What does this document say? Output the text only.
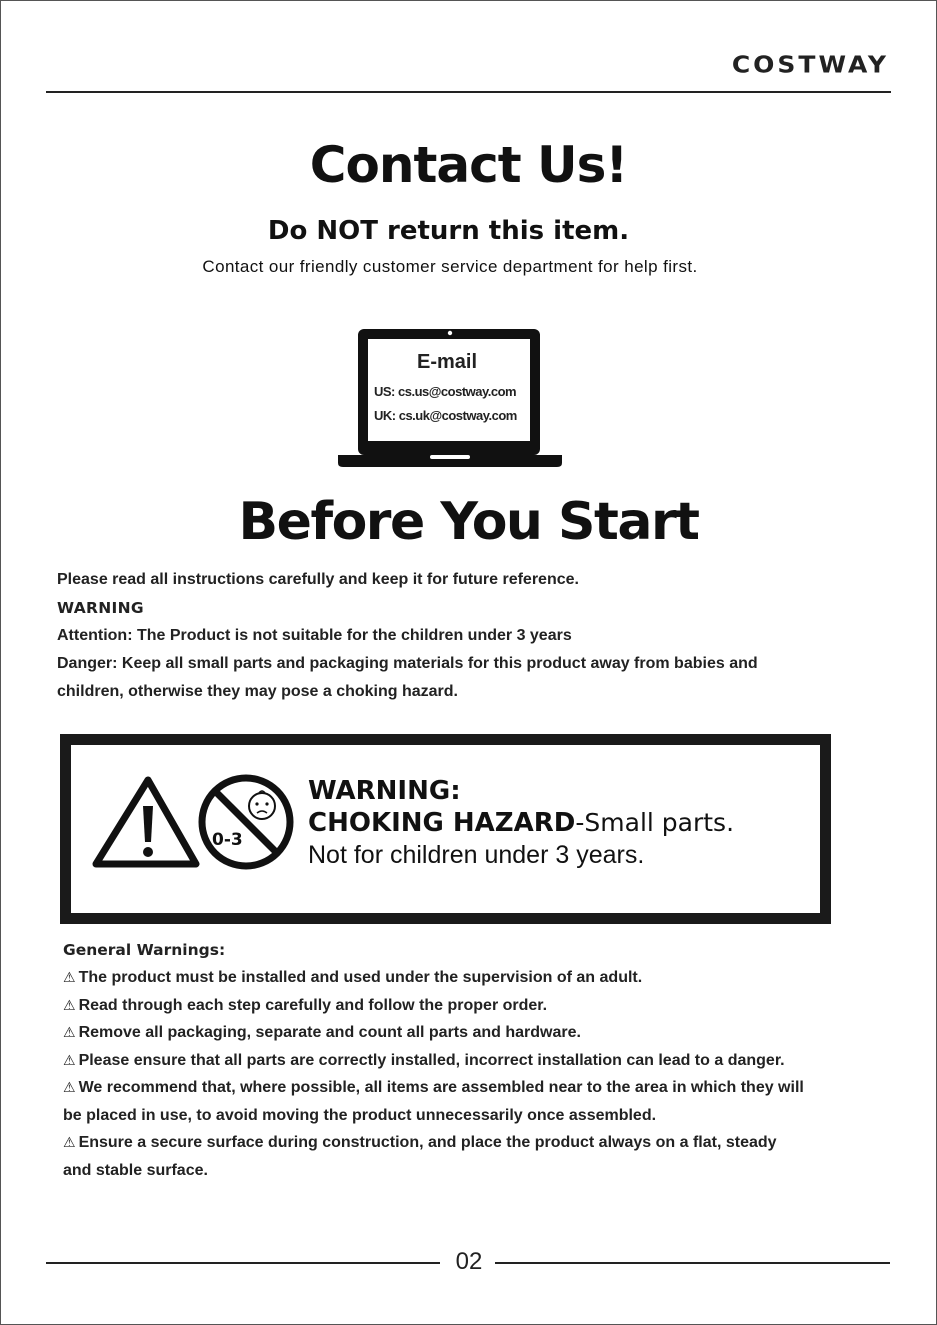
COSTWAY
Contact Us!
Do NOT return this item.
Contact our friendly customer service department for help first.
E-mail
US: cs.us@costway.com
UK: cs.uk@costway.com
Before You Start
Please read all instructions carefully and keep it for future reference.
WARNING
Attention: The Product is not suitable for the children under 3 years
Danger: Keep all small parts and packaging materials for this product away from babies and
children, otherwise they may pose a choking hazard.
0-3
WARNING:
CHOKING HAZARD-Small parts.
Not for children under 3 years.
General Warnings:
⚠ The product must be installed and used under the supervision of an adult.
⚠ Read through each step carefully and follow the proper order.
⚠ Remove all packaging, separate and count all parts and hardware.
⚠ Please ensure that all parts are correctly installed, incorrect installation can lead to a danger.
⚠ We recommend that, where possible, all items are assembled near to the area in which they will
be placed in use, to avoid moving the product unnecessarily once assembled.
⚠ Ensure a secure surface during construction, and place the product always on a flat, steady
and stable surface.
02
